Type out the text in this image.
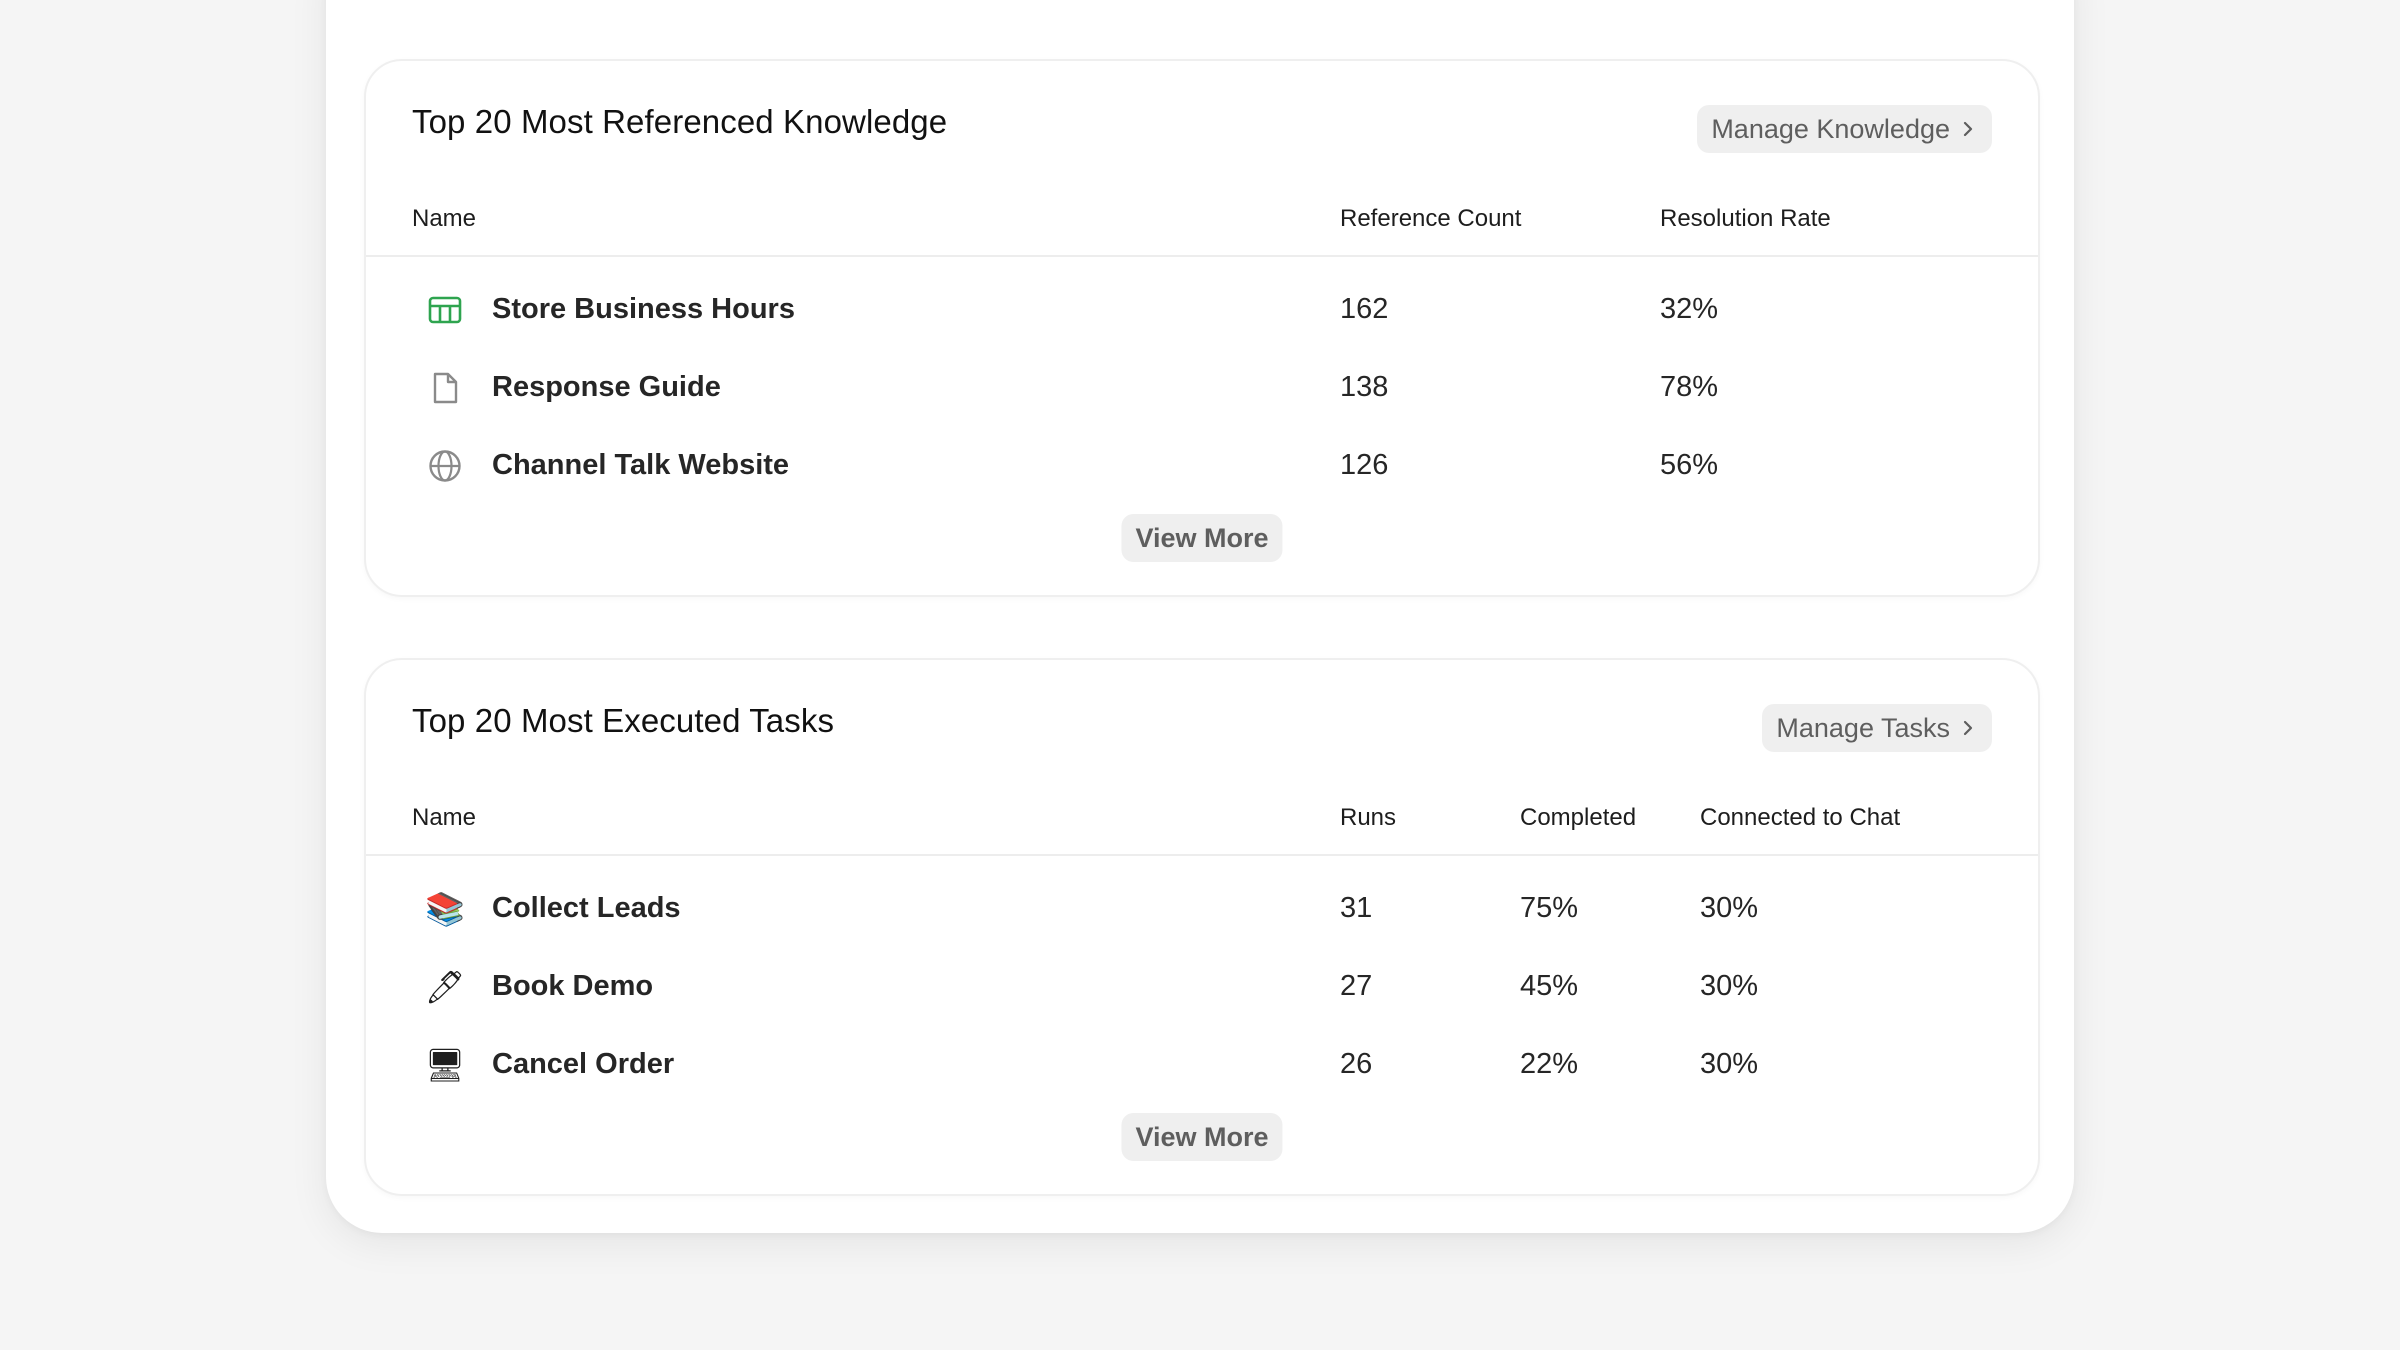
Top 20 Most Referenced Knowledge	Manage Knowledge
Name	Reference Count	Resolution Rate
Store Business Hours	162	32%
Response Guide	138	78%
Channel Talk Website	126	56%
View More
Top 20 Most Executed Tasks	Manage Tasks
Name	Runs	Completed	Connected to Chat
📚 Collect Leads	31	75%	30%
🖊 Book Demo	27	45%	30%
🖥 Cancel Order	26	22%	30%
View More
